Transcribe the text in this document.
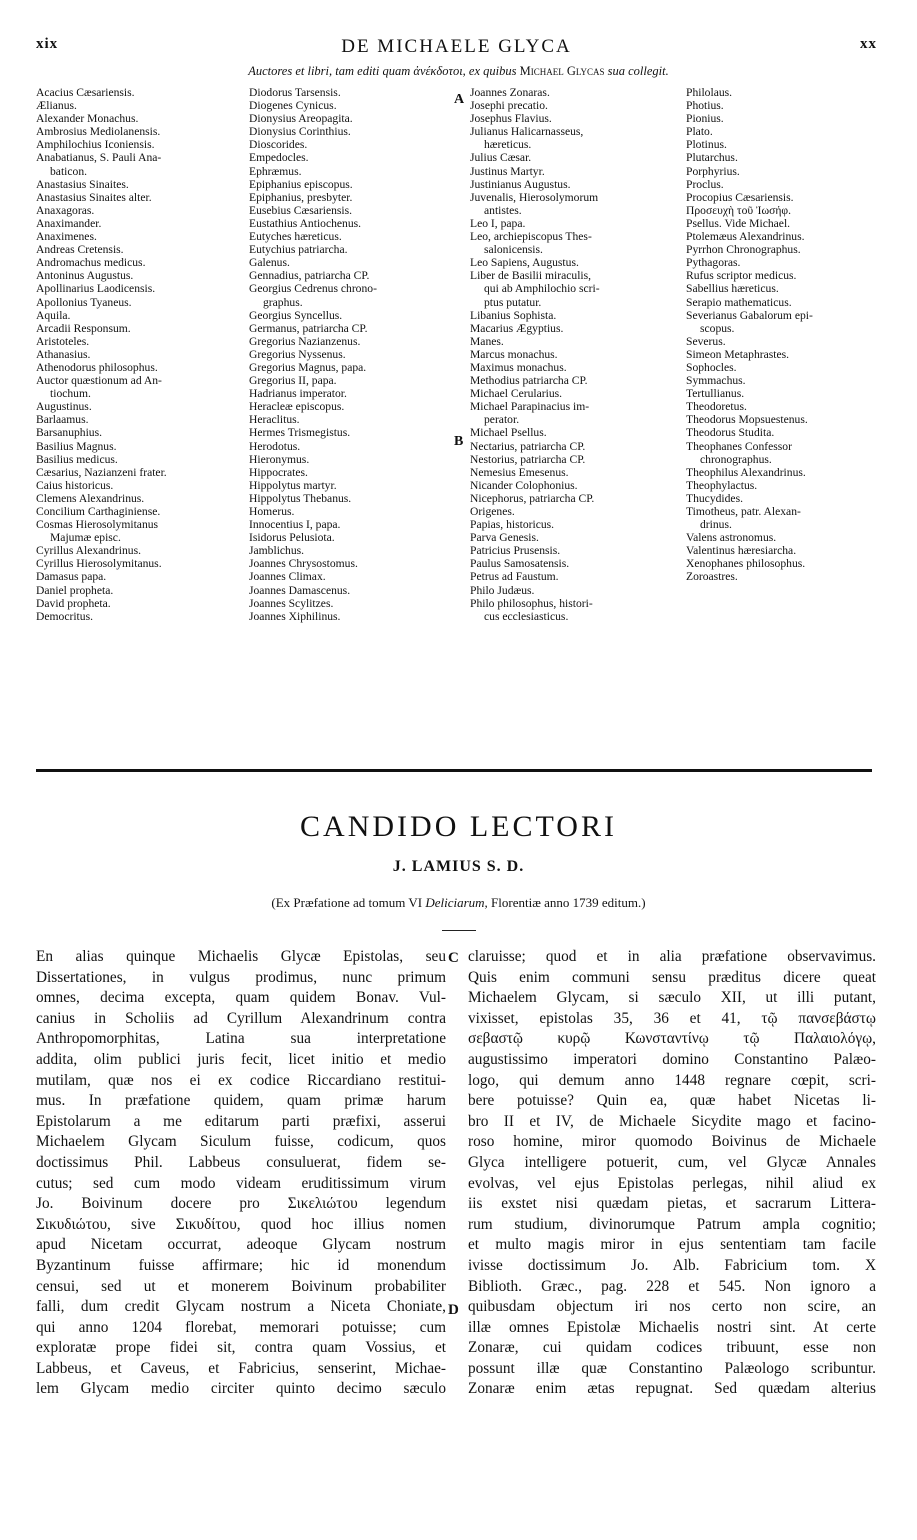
xix	DE MICHAELE GLYCA	xx
Auctores et libri, tam editi quam ἀνέκδοτοι, ex quibus Michael Glycas sua collegit.
Acacius Cæsariensis.
Ælianus.
Alexander Monachus.
Ambrosius Mediolanensis.
Amphilochius Iconiensis.
Anabatianus, S. Pauli Ana-
baticon.
Anastasius Sinaites.
Anastasius Sinaites alter.
Anaxagoras.
Anaximander.
Anaximenes.
Andreas Cretensis.
Andromachus medicus.
Antoninus Augustus.
Apollinarius Laodicensis.
Apollonius Tyaneus.
Aquila.
Arcadii Responsum.
Aristoteles.
Athanasius.
Athenodorus philosophus.
Auctor quæstionum ad An-
tiochum.
Augustinus.
Barlaamus.
Barsanuphius.
Basilius Magnus.
Basilius medicus.
Cæsarius, Nazianzeni frater.
Caius historicus.
Clemens Alexandrinus.
Concilium Carthaginiense.
Cosmas Hierosolymitanus
Majumæ episc.
Cyrillus Alexandrinus.
Cyrillus Hierosolymitanus.
Damasus papa.
Daniel propheta.
David propheta.
Democritus.
Diodorus Tarsensis.
Diogenes Cynicus.
Dionysius Areopagita.
Dionysius Corinthius.
Dioscorides.
Empedocles.
Ephræmus.
Epiphanius episcopus.
Epiphanius, presbyter.
Eusebius Cæsariensis.
Eustathius Antiochenus.
Eutyches hæreticus.
Eutychius patriarcha.
Galenus.
Gennadius, patriarcha CP.
Georgius Cedrenus chrono-
graphus.
Georgius Syncellus.
Germanus, patriarcha CP.
Gregorius Nazianzenus.
Gregorius Nyssenus.
Gregorius Magnus, papa.
Gregorius II, papa.
Hadrianus imperator.
Heracleæ episcopus.
Heraclitus.
Hermes Trismegistus.
Herodotus.
Hieronymus.
Hippocrates.
Hippolytus martyr.
Hippolytus Thebanus.
Homerus.
Innocentius I, papa.
Isidorus Pelusiota.
Jamblichus.
Joannes Chrysostomus.
Joannes Climax.
Joannes Damascenus.
Joannes Scylitzes.
Joannes Xiphilinus.
Joannes Zonaras.
Josephi precatio.
Josephus Flavius.
Julianus Halicarnasseus,
hæreticus.
Julius Cæsar.
Justinus Martyr.
Justinianus Augustus.
Juvenalis, Hierosolymorum
antistes.
Leo I, papa.
Leo, archiepiscopus Thes-
salonicensis.
Leo Sapiens, Augustus.
Liber de Basilii miraculis,
qui ab Amphilochio scri-
ptus putatur.
Libanius Sophista.
Macarius Ægyptius.
Manes.
Marcus monachus.
Maximus monachus.
Methodius patriarcha CP.
Michael Cerularius.
Michael Parapinacius im-
perator.
Michael Psellus.
Nectarius, patriarcha CP.
Nestorius, patriarcha CP.
Nemesius Emesenus.
Nicander Colophonius.
Nicephorus, patriarcha CP.
Origenes.
Papias, historicus.
Parva Genesis.
Patricius Prusensis.
Paulus Samosatensis.
Petrus ad Faustum.
Philo Judæus.
Philo philosophus, histori-
cus ecclesiasticus.
Philolaus.
Photius.
Pionius.
Plato.
Plotinus.
Plutarchus.
Porphyrius.
Proclus.
Procopius Cæsariensis.
Προσευχὴ τοῦ Ἰωσήφ.
Psellus. Vide Michael.
Ptolemæus Alexandrinus.
Pyrrhon Chronographus.
Pythagoras.
Rufus scriptor medicus.
Sabellius hæreticus.
Serapio mathematicus.
Severianus Gabalorum epi-
scopus.
Severus.
Simeon Metaphrastes.
Sophocles.
Symmachus.
Tertullianus.
Theodoretus.
Theodorus Mopsuestenus.
Theodorus Studita.
Theophanes Confessor
chronographus.
Theophilus Alexandrinus.
Theophylactus.
Thucydides.
Timotheus, patr. Alexan-
drinus.
Valens astronomus.
Valentinus hæresiarcha.
Xenophanes philosophus.
Zoroastres.
A
B
CANDIDO LECTORI
J. LAMIUS S. D.
(Ex Præfatione ad tomum VI Deliciarum, Florentiæ anno 1739 editum.)
En alias quinque Michaelis Glycæ Epistolas, seu
Dissertationes, in vulgus prodimus, nunc primum
omnes, decima excepta, quam quidem Bonav. Vul-
canius in Scholiis ad Cyrillum Alexandrinum contra
Anthropomorphitas, Latina sua interpretatione
addita, olim publici juris fecit, licet initio et medio
mutilam, quæ nos ei ex codice Riccardiano restitui-
mus. In præfatione quidem, quam primæ harum
Epistolarum a me editarum parti præfixi, asserui
Michaelem Glycam Siculum fuisse, codicum, quos
doctissimus Phil. Labbeus consuluerat, fidem se-
cutus; sed cum modo videam eruditissimum virum
Jo. Boivinum docere pro Σικελιώτου legendum
Σικυδιώτου, sive Σικυδίτου, quod hoc illius nomen
apud Nicetam occurrat, adeoque Glycam nostrum
Byzantinum fuisse affirmare; hic id monendum
censui, sed ut et monerem Boivinum probabiliter
falli, dum credit Glycam nostrum a Niceta Choniate,
qui anno 1204 florebat, memorari potuisse; cum
exploratæ prope fidei sit, contra quam Vossius, et
Labbeus, et Caveus, et Fabricius, senserint, Michae-
lem Glycam medio circiter quinto decimo sæculo
claruisse; quod et in alia præfatione observavimus.
Quis enim communi sensu præditus dicere queat
Michaelem Glycam, si sæculo XII, ut illi putant,
vixisset, epistolas 35, 36 et 41, τῷ πανσεβάστῳ
σεβαστῷ κυρῷ Κωνσταντίνῳ τῷ Παλαιολόγῳ,
augustissimo imperatori domino Constantino Palæo-
logo, qui demum anno 1448 regnare cœpit, scri-
bere potuisse? Quin ea, quæ habet Nicetas li-
bro II et IV, de Michaele Sicydite mago et facino-
roso homine, miror quomodo Boivinus de Michaele
Glyca intelligere potuerit, cum, vel Glycæ Annales
evolvas, vel ejus Epistolas perlegas, nihil aliud ex
iis exstet nisi quædam pietas, et sacrarum Littera-
rum studium, divinorumque Patrum ampla cognitio;
et multo magis miror in ejus sententiam tam facile
ivisse doctissimum Jo. Alb. Fabricium tom. X
Biblioth. Græc., pag. 228 et 545. Non ignoro a
quibusdam objectum iri nos certo non scire, an
illæ omnes Epistolæ Michaelis nostri sint. At certe
Zonaræ, cui quidam codices tribuunt, esse non
possunt illæ quæ Constantino Palæologo scribuntur.
Zonaræ enim ætas repugnat. Sed quædam alterius
C
D
